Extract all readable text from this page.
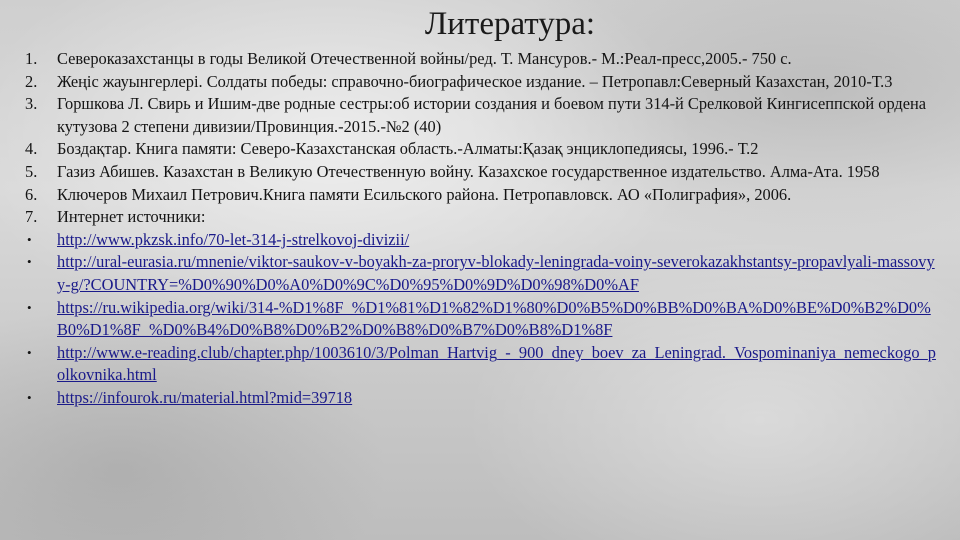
Литература:
1.	Североказахстанцы в годы Великой Отечественной войны/ред. Т. Мансуров.- М.:Реал-пресс,2005.- 750 с.
2.	Жеңіс жауынгерлері. Солдаты победы: справочно-биографическое издание. – Петропавл:Северный Казахстан, 2010-Т.3
3.	Горшкова Л. Свирь и Ишим-две родные сестры:об истории создания и боевом пути 314-й Срелковой Кингисеппской ордена кутузова 2 степени дивизии/Провинция.-2015.-№2 (40)
4.	Боздақтар. Книга памяти: Северо-Казахстанская область.-Алматы:Қазақ энциклопедиясы, 1996.- Т.2
5.	Газиз Абишев. Казахстан в Великую Отечественную войну. Казахское государственное издательство. Алма-Ата. 1958
6.	Ключеров Михаил Петрович.Книга памяти Есильского района. Петропавловск. АО «Полиграфия», 2006.
7.	Интернет источники:
•	http://www.pkzsk.info/70-let-314-j-strelkovoj-divizii/
•	http://ural-eurasia.ru/mnenie/viktor-saukov-v-boyakh-za-proryv-blokady-leningrada-voiny-severokazakhstantsy-propavlyali-massovyy-g/?COUNTRY=%D0%90%D0%A0%D0%9C%D0%95%D0%9D%D0%98%D0%AF
•	https://ru.wikipedia.org/wiki/314-%D1%8F_%D1%81%D1%82%D1%80%D0%B5%D0%BB%D0%BA%D0%BE%D0%B2%D0%B0%D1%8F_%D0%B4%D0%B8%D0%B2%D0%B8%D0%B7%D0%B8%D1%8F
•	http://www.e-reading.club/chapter.php/1003610/3/Polman_Hartvig_-_900_dney_boev_za_Leningrad._Vospominaniya_nemeckogo_polkovnika.html
•	https://infourok.ru/material.html?mid=39718
